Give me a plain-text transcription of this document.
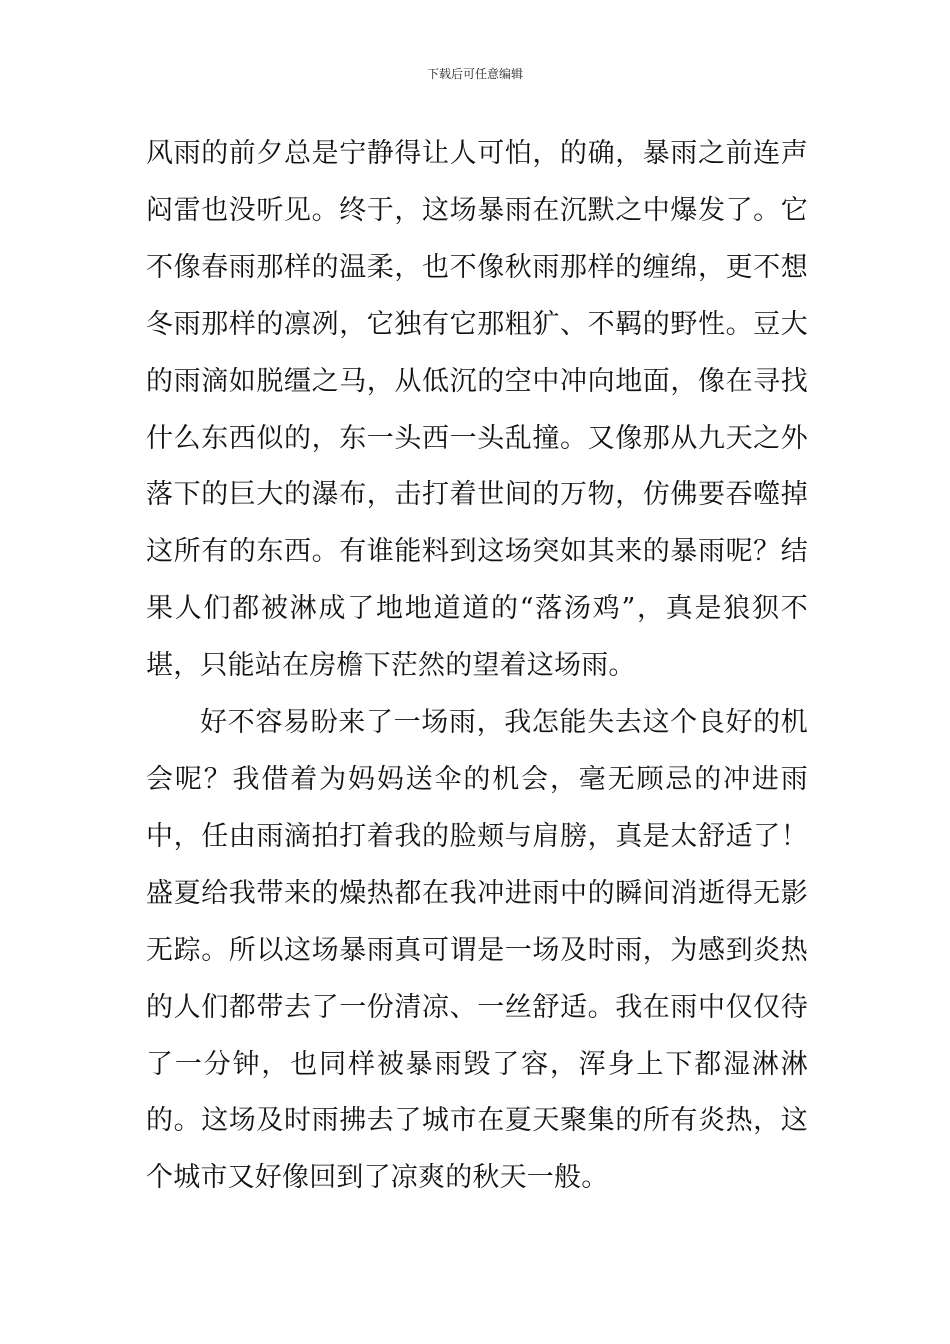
下载后可任意编辑

风雨的前夕总是宁静得让人可怕，的确，暴雨之前连声闷雷也没听见。终于，这场暴雨在沉默之中爆发了。它不像春雨那样的温柔，也不像秋雨那样的缠绵，更不想冬雨那样的凛冽，它独有它那粗犷、不羁的野性。豆大的雨滴如脱缰之马，从低沉的空中冲向地面，像在寻找什么东西似的，东一头西一头乱撞。又像那从九天之外落下的巨大的瀑布，击打着世间的万物，仿佛要吞噬掉这所有的东西。有谁能料到这场突如其来的暴雨呢？结果人们都被淋成了地地道道的“落汤鸡”，真是狼狈不堪，只能站在房檐下茫然的望着这场雨。

好不容易盼来了一场雨，我怎能失去这个良好的机会呢？我借着为妈妈送伞的机会，毫无顾忌的冲进雨中，任由雨滴拍打着我的脸颊与肩膀，真是太舒适了！盛夏给我带来的燥热都在我冲进雨中的瞬间消逝得无影无踪。所以这场暴雨真可谓是一场及时雨，为感到炎热的人们都带去了一份清凉、一丝舒适。我在雨中仅仅待了一分钟，也同样被暴雨毁了容，浑身上下都湿淋淋的。这场及时雨拂去了城市在夏天聚集的所有炎热，这个城市又好像回到了凉爽的秋天一般。
